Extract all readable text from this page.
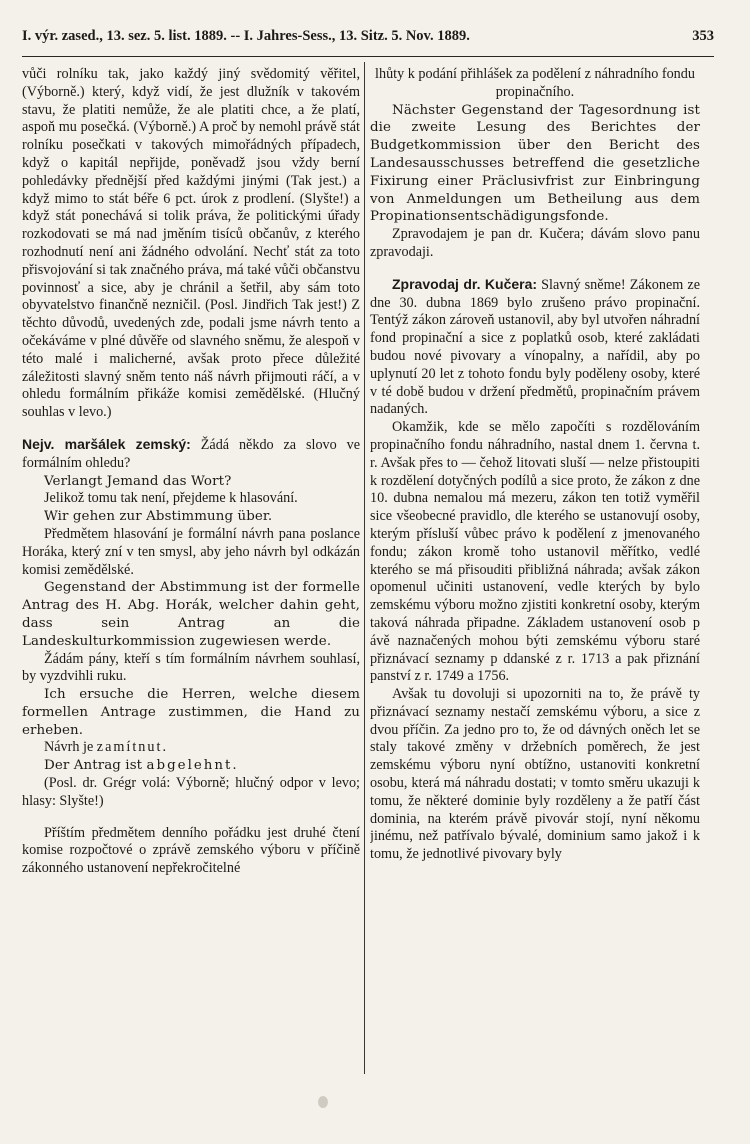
I. výr. zased., 13. sez. 5. list. 1889. -- I. Jahres-Sess., 13. Sitz. 5. Nov. 1889.	353

vůči rolníku tak, jako každý jiný svědomitý věřitel, (Výborně.) který, když vidí, že jest dlužník v takovém stavu, že platiti nemůže, že ale platiti chce, a že platí, aspoň mu posečká. (Výborně.) A proč by nemohl právě stát rolníku posečkati v takových mimořádných případech, když o kapitál nepřijde, poněvadž jsou vždy berní pohledávky přednější před každými jinými (Tak jest.) a když mimo to stát béře 6 pct. úrok z prodlení. (Slyšte!) a když stát ponechává si tolik práva, že politickými úřady rozkodovati se má nad jměním tisíců občanův, z kterého rozhodnutí není ani žádného odvolání. Nechť stát za toto přisvojování si tak značného práva, má také vůči občanstvu povinnosť a sice, aby je chránil a šetřil, aby sám toto obyvatelstvo finančně nezničil. (Posl. Jindřich Tak jest!) Z těchto důvodů, uvedených zde, podali jsme návrh tento a očekáváme v plné důvěře od slavného sněmu, že alespoň v této malé i malicherné, avšak proto přece důležité záležitosti slavný sněm tento náš návrh přijmouti ráčí, a v ohledu formálním přikáže komisi zemědělské. (Hlučný souhlas v levo.)

Nejv. maršálek zemský: Žádá někdo za slovo ve formálním ohledu?

Verlangt Jemand das Wort?

Jelikož tomu tak není, přejdeme k hlasování.

Wir gehen zur Abstimmung über.

Předmětem hlasování je formální návrh pana poslance Horáka, který zní v ten smysl, aby jeho návrh byl odkázán komisi zemědělské.

Gegenstand der Abstimmung ist der formelle Antrag des H. Abg. Horák, welcher dahin geht, dass sein Antrag an die Landeskulturkommission zugewiesen werde.

Žádám pány, kteří s tím formálním návrhem souhlasí, by vyzdvihli ruku.

Ich ersuche die Herren, welche diesem formellen Antrage zustimmen, die Hand zu erheben.

Návrh je zamítnut.

Der Antrag ist abgelehnt.

(Posl. dr. Grégr volá: Výborně; hlučný odpor v levo; hlasy: Slyšte!)

Příštím předmětem denního pořádku jest druhé čtení komise rozpočtové o zprávě zemského výboru v příčině zákonného ustanovení nepřekročitelné

lhůty k podání přihlášek za podělení z náhradního fondu propinačního.

Nächster Gegenstand der Tagesordnung ist die zweite Lesung des Berichtes der Budgetkommission über den Bericht des Landesausschusses betreffend die gesetzliche Fixirung einer Präclusivfrist zur Einbringung von Anmeldungen um Betheilung aus dem Propinationsentschädigungsfonde.

Zpravodajem je pan dr. Kučera; dávám slovo panu zpravodaji.

Zpravodaj dr. Kučera: Slavný sněme! Zákonem ze dne 30. dubna 1869 bylo zrušeno právo propinační. Tentýž zákon zároveň ustanovil, aby byl utvořen náhradní fond propinační a sice z poplatků osob, které zakládati budou nové pivovary a vínopalny, a nařídil, aby po uplynutí 20 let z tohoto fondu byly poděleny osoby, které v té době budou v držení předmětů, propinačním právem nadaných.

Okamžik, kde se mělo započíti s rozdělováním propinačního fondu náhradního, nastal dnem 1. června t. r. Avšak přes to — čehož litovati sluší — nelze přistoupiti k rozdělení dotyčných podílů a sice proto, že zákon z dne 10. dubna nemalou má mezeru, zákon ten totiž vyměřil sice všeobecné pravidlo, dle kterého se ustanovují osoby, kterým přísluší vůbec právo k podělení z jmenovaného fondu; zákon kromě toho ustanovil měřítko, vedlé kterého se má přisouditi přibližná náhrada; avšak zákon opomenul učiniti ustanovení, vedle kterých by bylo zemskému výboru možno zjistiti konkretní osoby, kterým taková náhrada připadne. Základem ustanovení osob p ávě naznačených mohou býti zemskému výboru staré přiznávací seznamy p ddanské z r. 1713 a pak přiznání panství z r. 1749 a 1756.

Avšak tu dovoluji si upozorniti na to, že právě ty přiznávací seznamy nestačí zemskému výboru, a sice z dvou příčin. Za jedno pro to, že od dávných oněch let se staly takové změny v držebních poměrech, že jest zemskému výboru nyní obtížno, ustanoviti konkretní osobu, která má náhradu dostati; v tomto směru ukazuji k tomu, že některé dominie byly rozděleny a že patří část dominia, na kterém právě pivovár stojí, nyní někomu jinému, než patřívalo bývalé, dominium samo jakož i k tomu, že jednotlivé pivovary byly
